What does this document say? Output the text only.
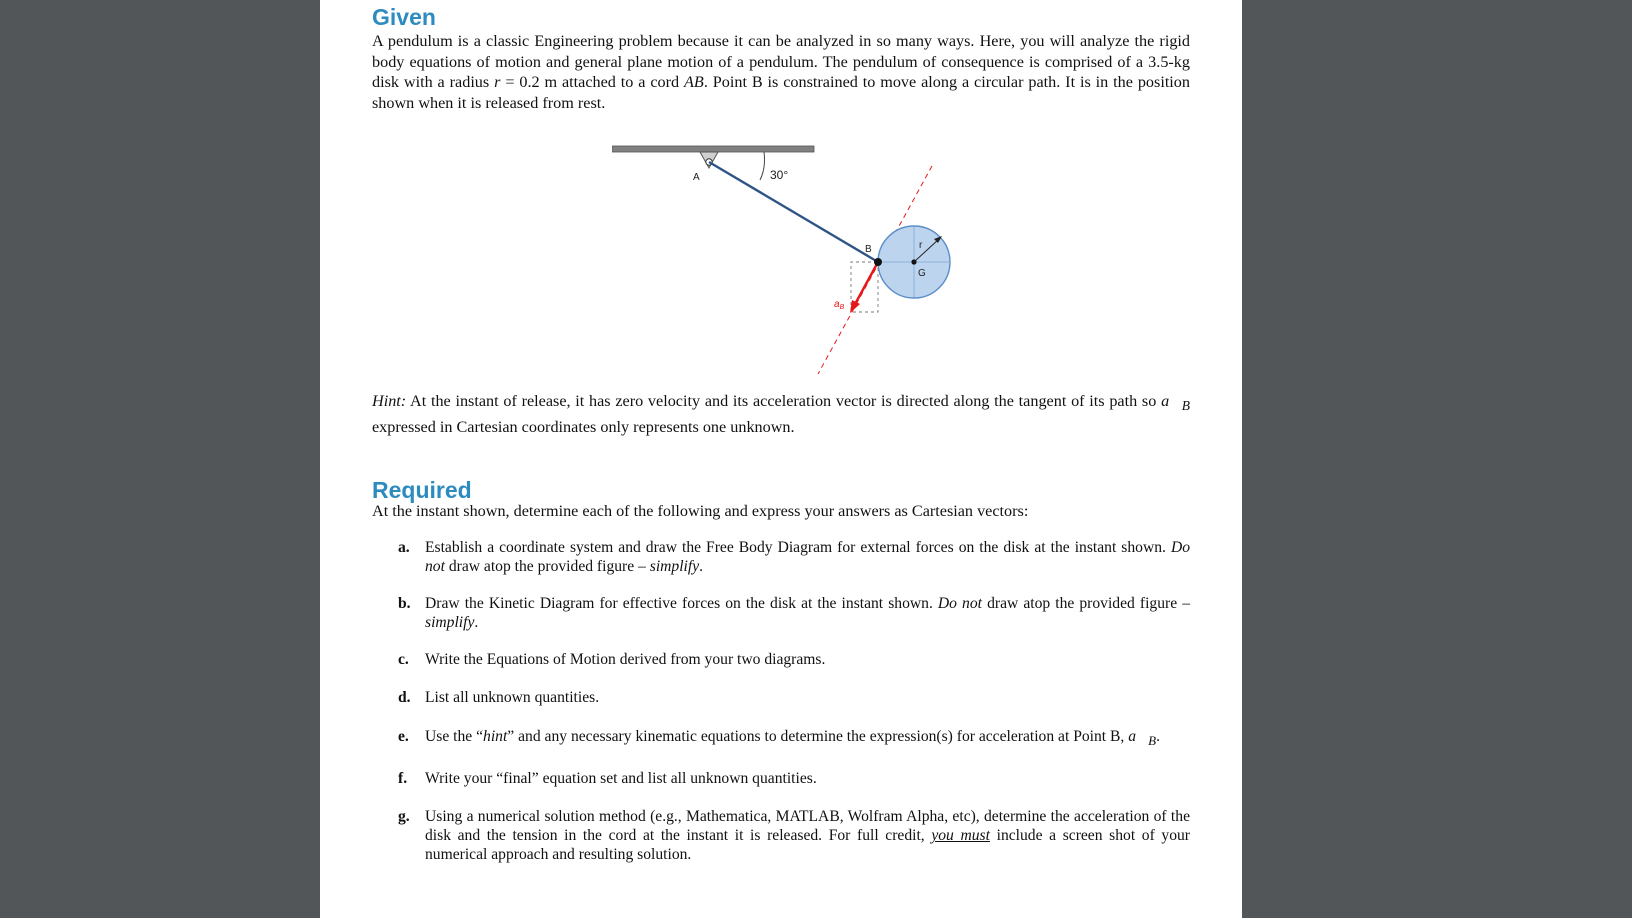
Given

A pendulum is a classic Engineering problem because it can be analyzed in so many ways. Here, you will analyze the rigid body equations of motion and general plane motion of a pendulum. The pendulum of consequence is comprised of a 3.5-kg disk with a radius r = 0.2 m attached to a cord AB. Point B is constrained to move along a circular path. It is in the position shown when it is released from rest.

30°
A
r
G
$a_B$
B

Hint: At the instant of release, it has zero velocity and its acceleration vector is directed along the tangent of its path so $a⃗_B$ expressed in Cartesian coordinates only represents one unknown.

Required

At the instant shown, determine each of the following and express your answers as Cartesian vectors:

a. Establish a coordinate system and draw the Free Body Diagram for external forces on the disk at the instant shown. Do not draw atop the provided figure – simplify.
b. Draw the Kinetic Diagram for effective forces on the disk at the instant shown. Do not draw atop the provided figure – simplify.
c. Write the Equations of Motion derived from your two diagrams.
d. List all unknown quantities.
e. Use the “hint” and any necessary kinematic equations to determine the expression(s) for acceleration at Point B, $a⃗_B$.
f. Write your “final” equation set and list all unknown quantities.
g. Using a numerical solution method (e.g., Mathematica, MATLAB, Wolfram Alpha, etc), determine the acceleration of the disk and the tension in the cord at the instant it is released. For full credit, you must include a screen shot of your numerical approach and resulting solution.
